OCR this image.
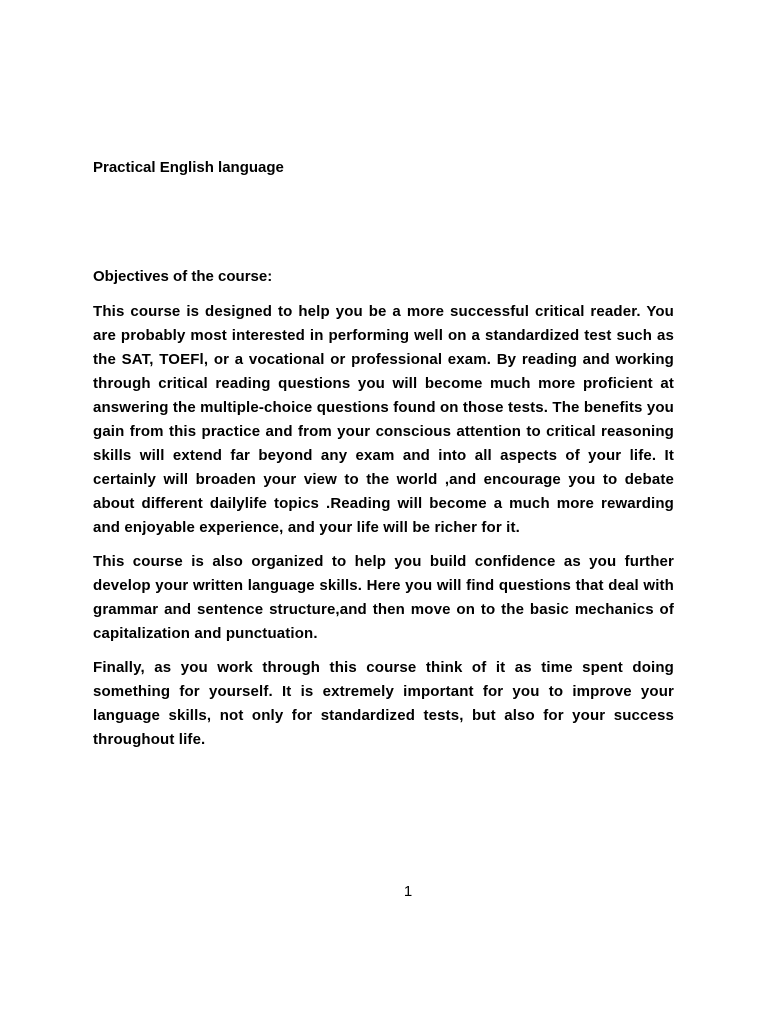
Practical English language
Objectives of the course:

This course is designed to help you be a more successful critical reader. You are probably most interested in performing well on a standardized test such as the SAT, TOEFl, or a vocational or professional exam. By reading and working through critical reading questions you will become much more proficient at answering the multiple-choice questions found on those tests. The benefits you gain from this practice and from your conscious attention to critical reasoning skills will extend far beyond any exam and into all aspects of your life. It certainly will broaden your view to the world ,and encourage you to debate about different dailylife topics .Reading will become a much more rewarding and enjoyable experience, and your life will be richer for it.

This course is also organized to help you build confidence as you further develop your written language skills. Here you will find questions that deal with grammar and sentence structure,and then move on to the basic mechanics of capitalization and punctuation.

Finally, as you work through this course think of it as time spent doing something for yourself. It is extremely important for you to improve your language skills, not only for standardized tests, but also for your success throughout life.

1
